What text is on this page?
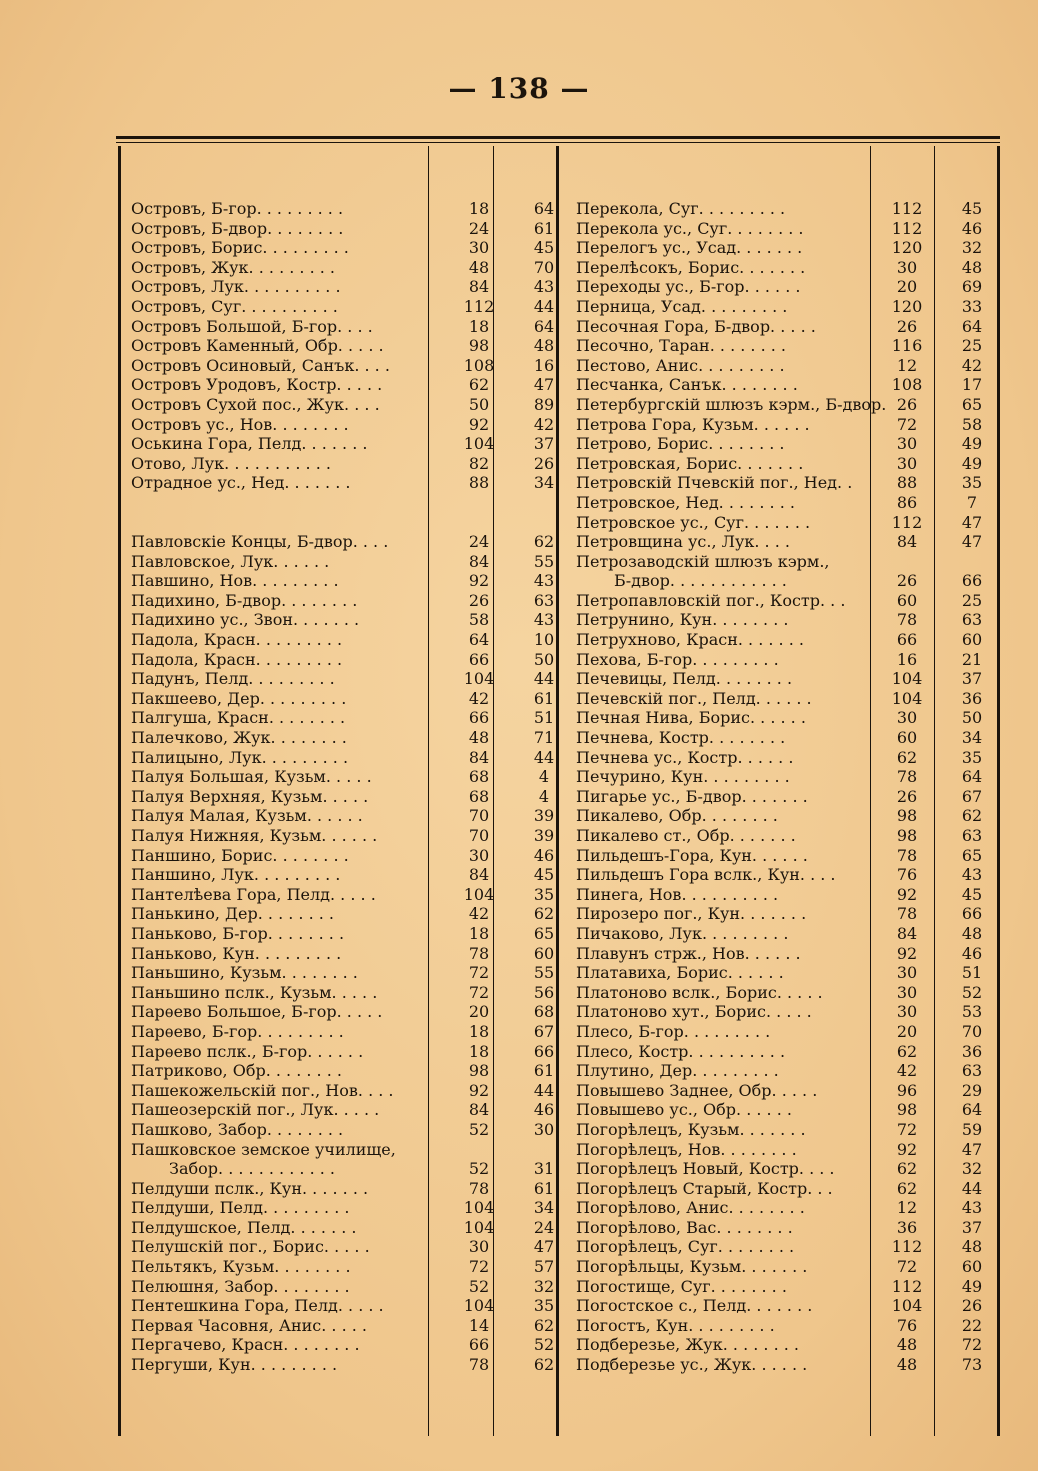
— 138 —
Островъ, Б-гор. . . . . . . . .	18	64
Островъ, Б-двор. . . . . . . .	24	61
Островъ, Борис. . . . . . . . .	30	45
Островъ, Жук. . . . . . . . .	48	70
Островъ, Лук. . . . . . . . . .	84	43
Островъ, Суг. . . . . . . . . .	112	44
Островъ Большой, Б-гор. . . .	18	64
Островъ Каменный, Обр. . . . .	98	48
Островъ Осиновый, Санък. . . .	108	16
Островъ Уродовъ, Костр. . . . .	62	47
Островъ Сухой пос., Жук. . . .	50	89
Островъ ус., Нов. . . . . . . .	92	42
Оськина Гора, Пелд. . . . . . .	104	37
Отово, Лук. . . . . . . . . . .	82	26
Отрадное ус., Нед. . . . . . .	88	34
Павловскіе Концы, Б-двор. . . .	24	62
Павловское, Лук. . . . . .	84	55
Павшино, Нов. . . . . . . . .	92	43
Падихино, Б-двор. . . . . . . .	26	63
Падихино ус., Звон. . . . . . .	58	43
Падола, Красн. . . . . . . . .	64	10
Падола, Красн. . . . . . . . .	66	50
Падунъ, Пелд. . . . . . . . .	104	44
Пакшеево, Дер. . . . . . . . .	42	61
Палгуша, Красн. . . . . . . .	66	51
Палечково, Жук. . . . . . . .	48	71
Палицыно, Лук. . . . . . . . .	84	44
Палуя Большая, Кузьм. . . . .	68	4
Палуя Верхняя, Кузьм. . . . .	68	4
Палуя Малая, Кузьм. . . . . .	70	39
Палуя Нижняя, Кузьм. . . . . .	70	39
Паншино, Борис. . . . . . . .	30	46
Паншино, Лук. . . . . . . . .	84	45
Пантелѣева Гора, Пелд. . . . .	104	35
Панькино, Дер. . . . . . . .	42	62
Паньково, Б-гор. . . . . . . .	18	65
Паньково, Кун. . . . . . . . .	78	60
Паньшино, Кузьм. . . . . . . .	72	55
Паньшино пслк., Кузьм. . . . .	72	56
Парѳево Большое, Б-гор. . . . .	20	68
Парѳево, Б-гор. . . . . . . . .	18	67
Парѳево пслк., Б-гор. . . . . .	18	66
Патриково, Обр. . . . . . . .	98	61
Пашекожельскій пог., Нов. . . .	92	44
Пашеозерскій пог., Лук. . . . .	84	46
Пашково, Забор. . . . . . . .	52	30
Пашковское земское училище,
Забор. . . . . . . . . . . .	52	31
Пелдуши пслк., Кун. . . . . . .	78	61
Пелдуши, Пелд. . . . . . . . .	104	34
Пелдушское, Пелд. . . . . . .	104	24
Пелушскій пог., Борис. . . . .	30	47
Пельтякъ, Кузьм. . . . . . . .	72	57
Пелюшня, Забор. . . . . . . .	52	32
Пентешкина Гора, Пелд. . . . .	104	35
Первая Часовня, Анис. . . . .	14	62
Пергачево, Красн. . . . . . . .	66	52
Пергуши, Кун. . . . . . . . .	78	62
Перекола, Суг. . . . . . . . .	112	45
Перекола ус., Суг. . . . . . . .	112	46
Перелогъ ус., Усад. . . . . . .	120	32
Перелѣсокъ, Борис. . . . . . .	30	48
Переходы ус., Б-гор. . . . . .	20	69
Перница, Усад. . . . . . . . .	120	33
Песочная Гора, Б-двор. . . . .	26	64
Песочно, Таран. . . . . . . .	116	25
Пестово, Анис. . . . . . . . .	12	42
Песчанка, Санък. . . . . . . .	108	17
Петербургскій шлюзъ кэрм., Б-двор. 26	65
Петрова Гора, Кузьм. . . . . .	72	58
Петрово, Борис. . . . . . . .	30	49
Петровская, Борис. . . . . . .	30	49
Петровскій Пчевскій пог., Нед. .	88	35
Петровское, Нед. . . . . . . .	86	7
Петровское ус., Суг. . . . . . .	112	47
Петровщина ус., Лук. . . .	84	47
Петрозаводскій шлюзъ кэрм.,
Б-двор. . . . . . . . . . . .	26	66
Петропавловскій пог., Костр. . .	60	25
Петрунино, Кун. . . . . . . .	78	63
Петрухново, Красн. . . . . . .	66	60
Пехова, Б-гор. . . . . . . . .	16	21
Печевицы, Пелд. . . . . . . .	104	37
Печевскій пог., Пелд. . . . . .	104	36
Печная Нива, Борис. . . . . .	30	50
Печнева, Костр. . . . . . . .	60	34
Печнева ус., Костр. . . . . .	62	35
Печурино, Кун. . . . . . . . .	78	64
Пигарье ус., Б-двор. . . . . . .	26	67
Пикалево, Обр. . . . . . . .	98	62
Пикалево ст., Обр. . . . . . .	98	63
Пильдешъ-Гора, Кун. . . . . .	78	65
Пильдешъ Гора вслк., Кун. . . .	76	43
Пинега, Нов. . . . . . . . . .	92	45
Пирозеро пог., Кун. . . . . . .	78	66
Пичаково, Лук. . . . . . . . .	84	48
Плавунъ стрж., Нов. . . . . .	92	46
Платавиха, Борис. . . . . .	30	51
Платоново вслк., Борис. . . . .	30	52
Платоново хут., Борис. . . . .	30	53
Плесо, Б-гор. . . . . . . . .	20	70
Плесо, Костр. . . . . . . . . .	62	36
Плутино, Дер. . . . . . . . .	42	63
Повышево Заднее, Обр. . . . .	96	29
Повышево ус., Обр. . . . . .	98	64
Погорѣлецъ, Кузьм. . . . . . .	72	59
Погорѣлецъ, Нов. . . . . . . .	92	47
Погорѣлецъ Новый, Костр. . . .	62	32
Погорѣлецъ Старый, Костр. . .	62	44
Погорѣлово, Анис. . . . . . . .	12	43
Погорѣлово, Вас. . . . . . . .	36	37
Погорѣлецъ, Суг. . . . . . . .	112	48
Погорѣльцы, Кузьм. . . . . . .	72	60
Погостище, Суг. . . . . . . .	112	49
Погостское с., Пелд. . . . . . .	104	26
Погостъ, Кун. . . . . . . . .	76	22
Подберезье, Жук. . . . . . . .	48	72
Подберезье ус., Жук. . . . . .	48	73
